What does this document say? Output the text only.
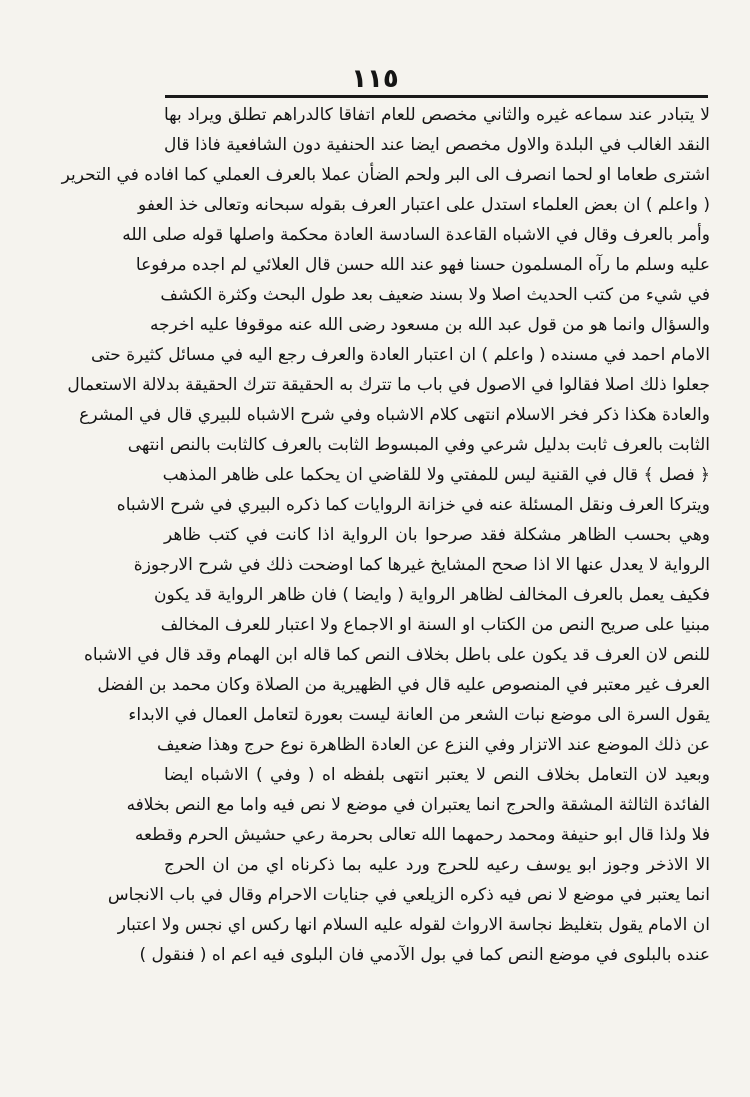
١١٥
لا يتبادر عند سماعه غيره والثاني مخصص للعام اتفاقا كالدراهم تطلق ويراد بها
النقد الغالب في البلدة والاول مخصص ايضا عند الحنفية دون الشافعية فاذا قال
اشترى طعاما او لحما انصرف الى البر ولحم الضأن عملا بالعرف العملي كما افاده في التحرير
( واعلم ) ان بعض العلماء استدل على اعتبار العرف بقوله سبحانه وتعالى خذ العفو
وأمر بالعرف وقال في الاشباه القاعدة السادسة العادة محكمة واصلها قوله صلى الله
عليه وسلم ما رآه المسلمون حسنا فهو عند الله حسن قال العلائي لم اجده مرفوعا
في شيء من كتب الحديث اصلا ولا بسند ضعيف بعد طول البحث وكثرة الكشف
والسؤال وانما هو من قول عبد الله بن مسعود رضى الله عنه موقوفا عليه اخرجه
الامام احمد في مسنده ( واعلم ) ان اعتبار العادة والعرف رجع اليه في مسائل كثيرة حتى
جعلوا ذلك اصلا فقالوا في الاصول في باب ما تترك به الحقيقة تترك الحقيقة بدلالة الاستعمال
والعادة هكذا ذكر فخر الاسلام انتهى كلام الاشباه وفي شرح الاشباه للبيري قال في المشرع
الثابت بالعرف ثابت بدليل شرعي وفي المبسوط الثابت بالعرف كالثابت بالنص انتهى
﴿ فصل ﴾ قال في القنية ليس للمفتي ولا للقاضي ان يحكما على ظاهر المذهب
ويتركا العرف ونقل المسئلة عنه في خزانة الروايات كما ذكره البيري في شرح الاشباه
وهي بحسب الظاهر مشكلة فقد صرحوا بان الرواية اذا كانت في كتب ظاهر
الرواية لا يعدل عنها الا اذا صحح المشايخ غيرها كما اوضحت ذلك في شرح الارجوزة
فكيف يعمل بالعرف المخالف لظاهر الرواية ( وايضا ) فان ظاهر الرواية قد يكون
مبنيا على صريح النص من الكتاب او السنة او الاجماع ولا اعتبار للعرف المخالف
للنص لان العرف قد يكون على باطل بخلاف النص كما قاله ابن الهمام وقد قال في الاشباه
العرف غير معتبر في المنصوص عليه قال في الظهيرية من الصلاة وكان محمد بن الفضل
يقول السرة الى موضع نبات الشعر من العانة ليست بعورة لتعامل العمال في الابداء
عن ذلك الموضع عند الاتزار وفي النزع عن العادة الظاهرة نوع حرج وهذا ضعيف
وبعيد لان التعامل بخلاف النص لا يعتبر انتهى بلفظه اه ( وفي ) الاشباه ايضا
الفائدة الثالثة المشقة والحرج انما يعتبران في موضع لا نص فيه واما مع النص بخلافه
فلا ولذا قال ابو حنيفة ومحمد رحمهما الله تعالى بحرمة رعي حشيش الحرم وقطعه
الا الاذخر وجوز ابو يوسف رعيه للحرج ورد عليه بما ذكرناه اي من ان الحرج
انما يعتبر في موضع لا نص فيه ذكره الزيلعي في جنايات الاحرام وقال في باب الانجاس
ان الامام يقول بتغليظ نجاسة الارواث لقوله عليه السلام انها ركس اي نجس ولا اعتبار
عنده بالبلوى في موضع النص كما في بول الآدمي فان البلوى فيه اعم اه ( فنقول )
